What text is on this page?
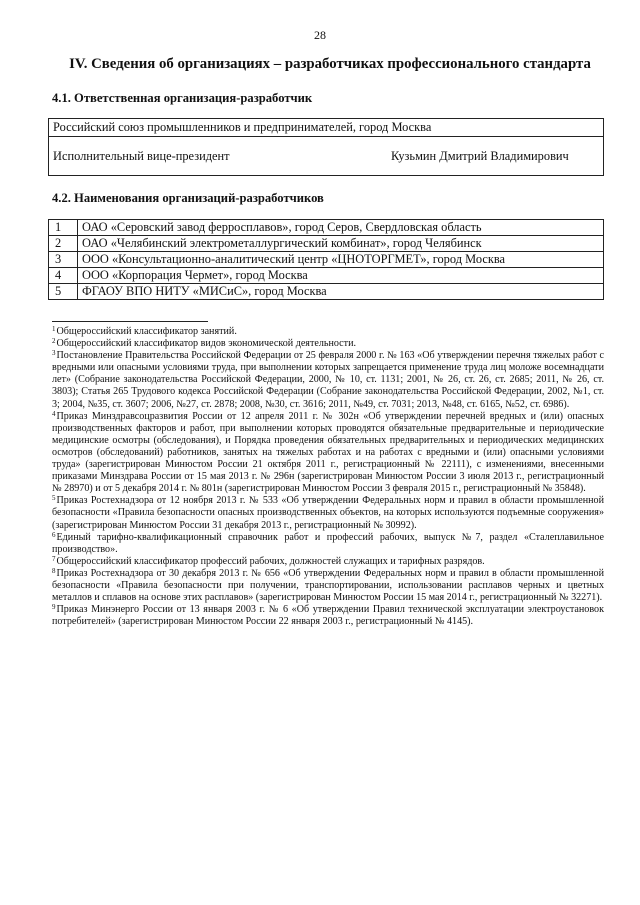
28
IV. Сведения об организациях – разработчиках профессионального стандарта
4.1. Ответственная организация-разработчик
Российский союз промышленников и предпринимателей, город Москва
Исполнительный вице-президент	Кузьмин Дмитрий Владимирович
4.2. Наименования организаций-разработчиков
1	ОАО «Серовский завод ферросплавов», город Серов, Свердловская область
2	ОАО «Челябинский электрометаллургический комбинат», город Челябинск
3	ООО «Консультационно-аналитический центр «ЦНОТОРГМЕТ», город Москва
4	ООО «Корпорация Чермет», город Москва
5	ФГАОУ ВПО НИТУ «МИСиС», город Москва
$^1$Общероссийский классификатор занятий.
$^2$Общероссийский классификатор видов экономической деятельности.
$^3$Постановление Правительства Российской Федерации от 25 февраля 2000 г. № 163 «Об утверждении перечня тяжелых работ с вредными или опасными условиями труда, при выполнении которых запрещается применение труда лиц моложе восемнадцати лет» (Собрание законодательства Российской Федерации, 2000, № 10, ст. 1131; 2001, № 26, ст. 26, ст. 2685; 2011, № 26, ст. 3803); Статья 265 Трудового кодекса Российской Федерации (Собрание законодательства Российской Федерации, 2002, №1, ст. 3; 2004, №35, ст. 3607; 2006, №27, ст. 2878; 2008, №30, ст. 3616; 2011, №49, ст. 7031; 2013, №48, ст. 6165, №52, ст. 6986).
$^4$Приказ Минздравсоцразвития России от 12 апреля 2011 г. № 302н «Об утверждении перечней вредных и (или) опасных производственных факторов и работ, при выполнении которых проводятся обязательные предварительные и периодические медицинские осмотры (обследования), и Порядка проведения обязательных предварительных и периодических медицинских осмотров (обследований) работников, занятых на тяжелых работах и на работах с вредными и (или) опасными условиями труда» (зарегистрирован Минюстом России 21 октября 2011 г., регистрационный № 22111), с изменениями, внесенными приказами Минздрава России от 15 мая 2013 г. № 296н (зарегистрирован Минюстом России 3 июля 2013 г., регистрационный № 28970) и от 5 декабря 2014 г. № 801н (зарегистрирован Минюстом России 3 февраля 2015 г., регистрационный № 35848).
$^5$Приказ Ростехнадзора от 12 ноября 2013 г. № 533 «Об утверждении Федеральных норм и правил в области промышленной безопасности «Правила безопасности опасных производственных объектов, на которых используются подъемные сооружения» (зарегистрирован Минюстом России 31 декабря 2013 г., регистрационный № 30992).
$^6$Единый тарифно-квалификационный справочник работ и профессий рабочих, выпуск №7, раздел «Сталеплавильное производство».
$^7$Общероссийский классификатор профессий рабочих, должностей служащих и тарифных разрядов.
$^8$Приказ Ростехнадзора от 30 декабря 2013 г. № 656 «Об утверждении Федеральных норм и правил в области промышленной безопасности «Правила безопасности при получении, транспортировании, использовании расплавов черных и цветных металлов и сплавов на основе этих расплавов» (зарегистрирован Минюстом России 15 мая 2014 г., регистрационный № 32271).
$^9$Приказ Минэнерго России от 13 января 2003 г. № 6 «Об утверждении Правил технической эксплуатации электроустановок потребителей» (зарегистрирован Минюстом России 22 января 2003 г., регистрационный № 4145).
